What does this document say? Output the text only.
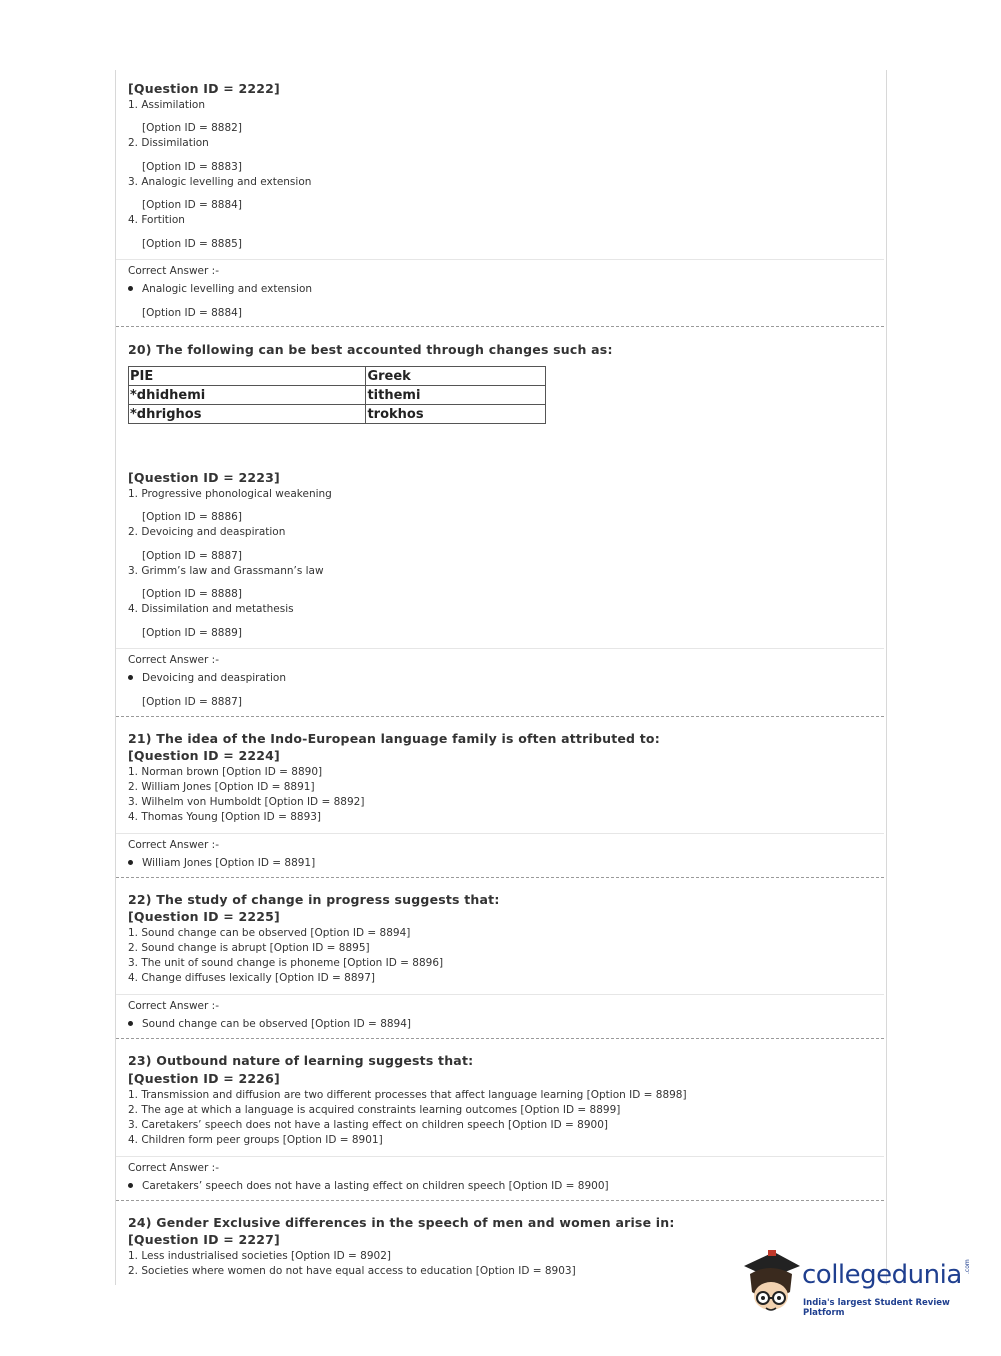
[Question ID = 2222]
1. Assimilation
[Option ID = 8882]
2. Dissimilation
[Option ID = 8883]
3. Analogic levelling and extension
[Option ID = 8884]
4. Fortition
[Option ID = 8885]
Correct Answer :-
Analogic levelling and extension
[Option ID = 8884]
20) The following can be best accounted through changes such as:
PIE	Greek
*dhidhemi	tithemi
*dhrighos	trokhos
[Question ID = 2223]
1. Progressive phonological weakening
[Option ID = 8886]
2. Devoicing and deaspiration
[Option ID = 8887]
3. Grimm’s law and Grassmann’s law
[Option ID = 8888]
4. Dissimilation and metathesis
[Option ID = 8889]
Correct Answer :-
Devoicing and deaspiration
[Option ID = 8887]
21) The idea of the Indo-European language family is often attributed to:
[Question ID = 2224]
1. Norman brown [Option ID = 8890]
2. William Jones [Option ID = 8891]
3. Wilhelm von Humboldt [Option ID = 8892]
4. Thomas Young [Option ID = 8893]
Correct Answer :-
William Jones [Option ID = 8891]
22) The study of change in progress suggests that:
[Question ID = 2225]
1. Sound change can be observed [Option ID = 8894]
2. Sound change is abrupt [Option ID = 8895]
3. The unit of sound change is phoneme [Option ID = 8896]
4. Change diffuses lexically [Option ID = 8897]
Correct Answer :-
Sound change can be observed [Option ID = 8894]
23) Outbound nature of learning suggests that:
[Question ID = 2226]
1. Transmission and diffusion are two different processes that affect language learning [Option ID = 8898]
2. The age at which a language is acquired constraints learning outcomes [Option ID = 8899]
3. Caretakers’ speech does not have a lasting effect on children speech [Option ID = 8900]
4. Children form peer groups [Option ID = 8901]
Correct Answer :-
Caretakers’ speech does not have a lasting effect on children speech [Option ID = 8900]
24) Gender Exclusive differences in the speech of men and women arise in:
[Question ID = 2227]
1. Less industrialised societies [Option ID = 8902]
2. Societies where women do not have equal access to education [Option ID = 8903]	collegedunia .com
India's largest Student Review Platform
